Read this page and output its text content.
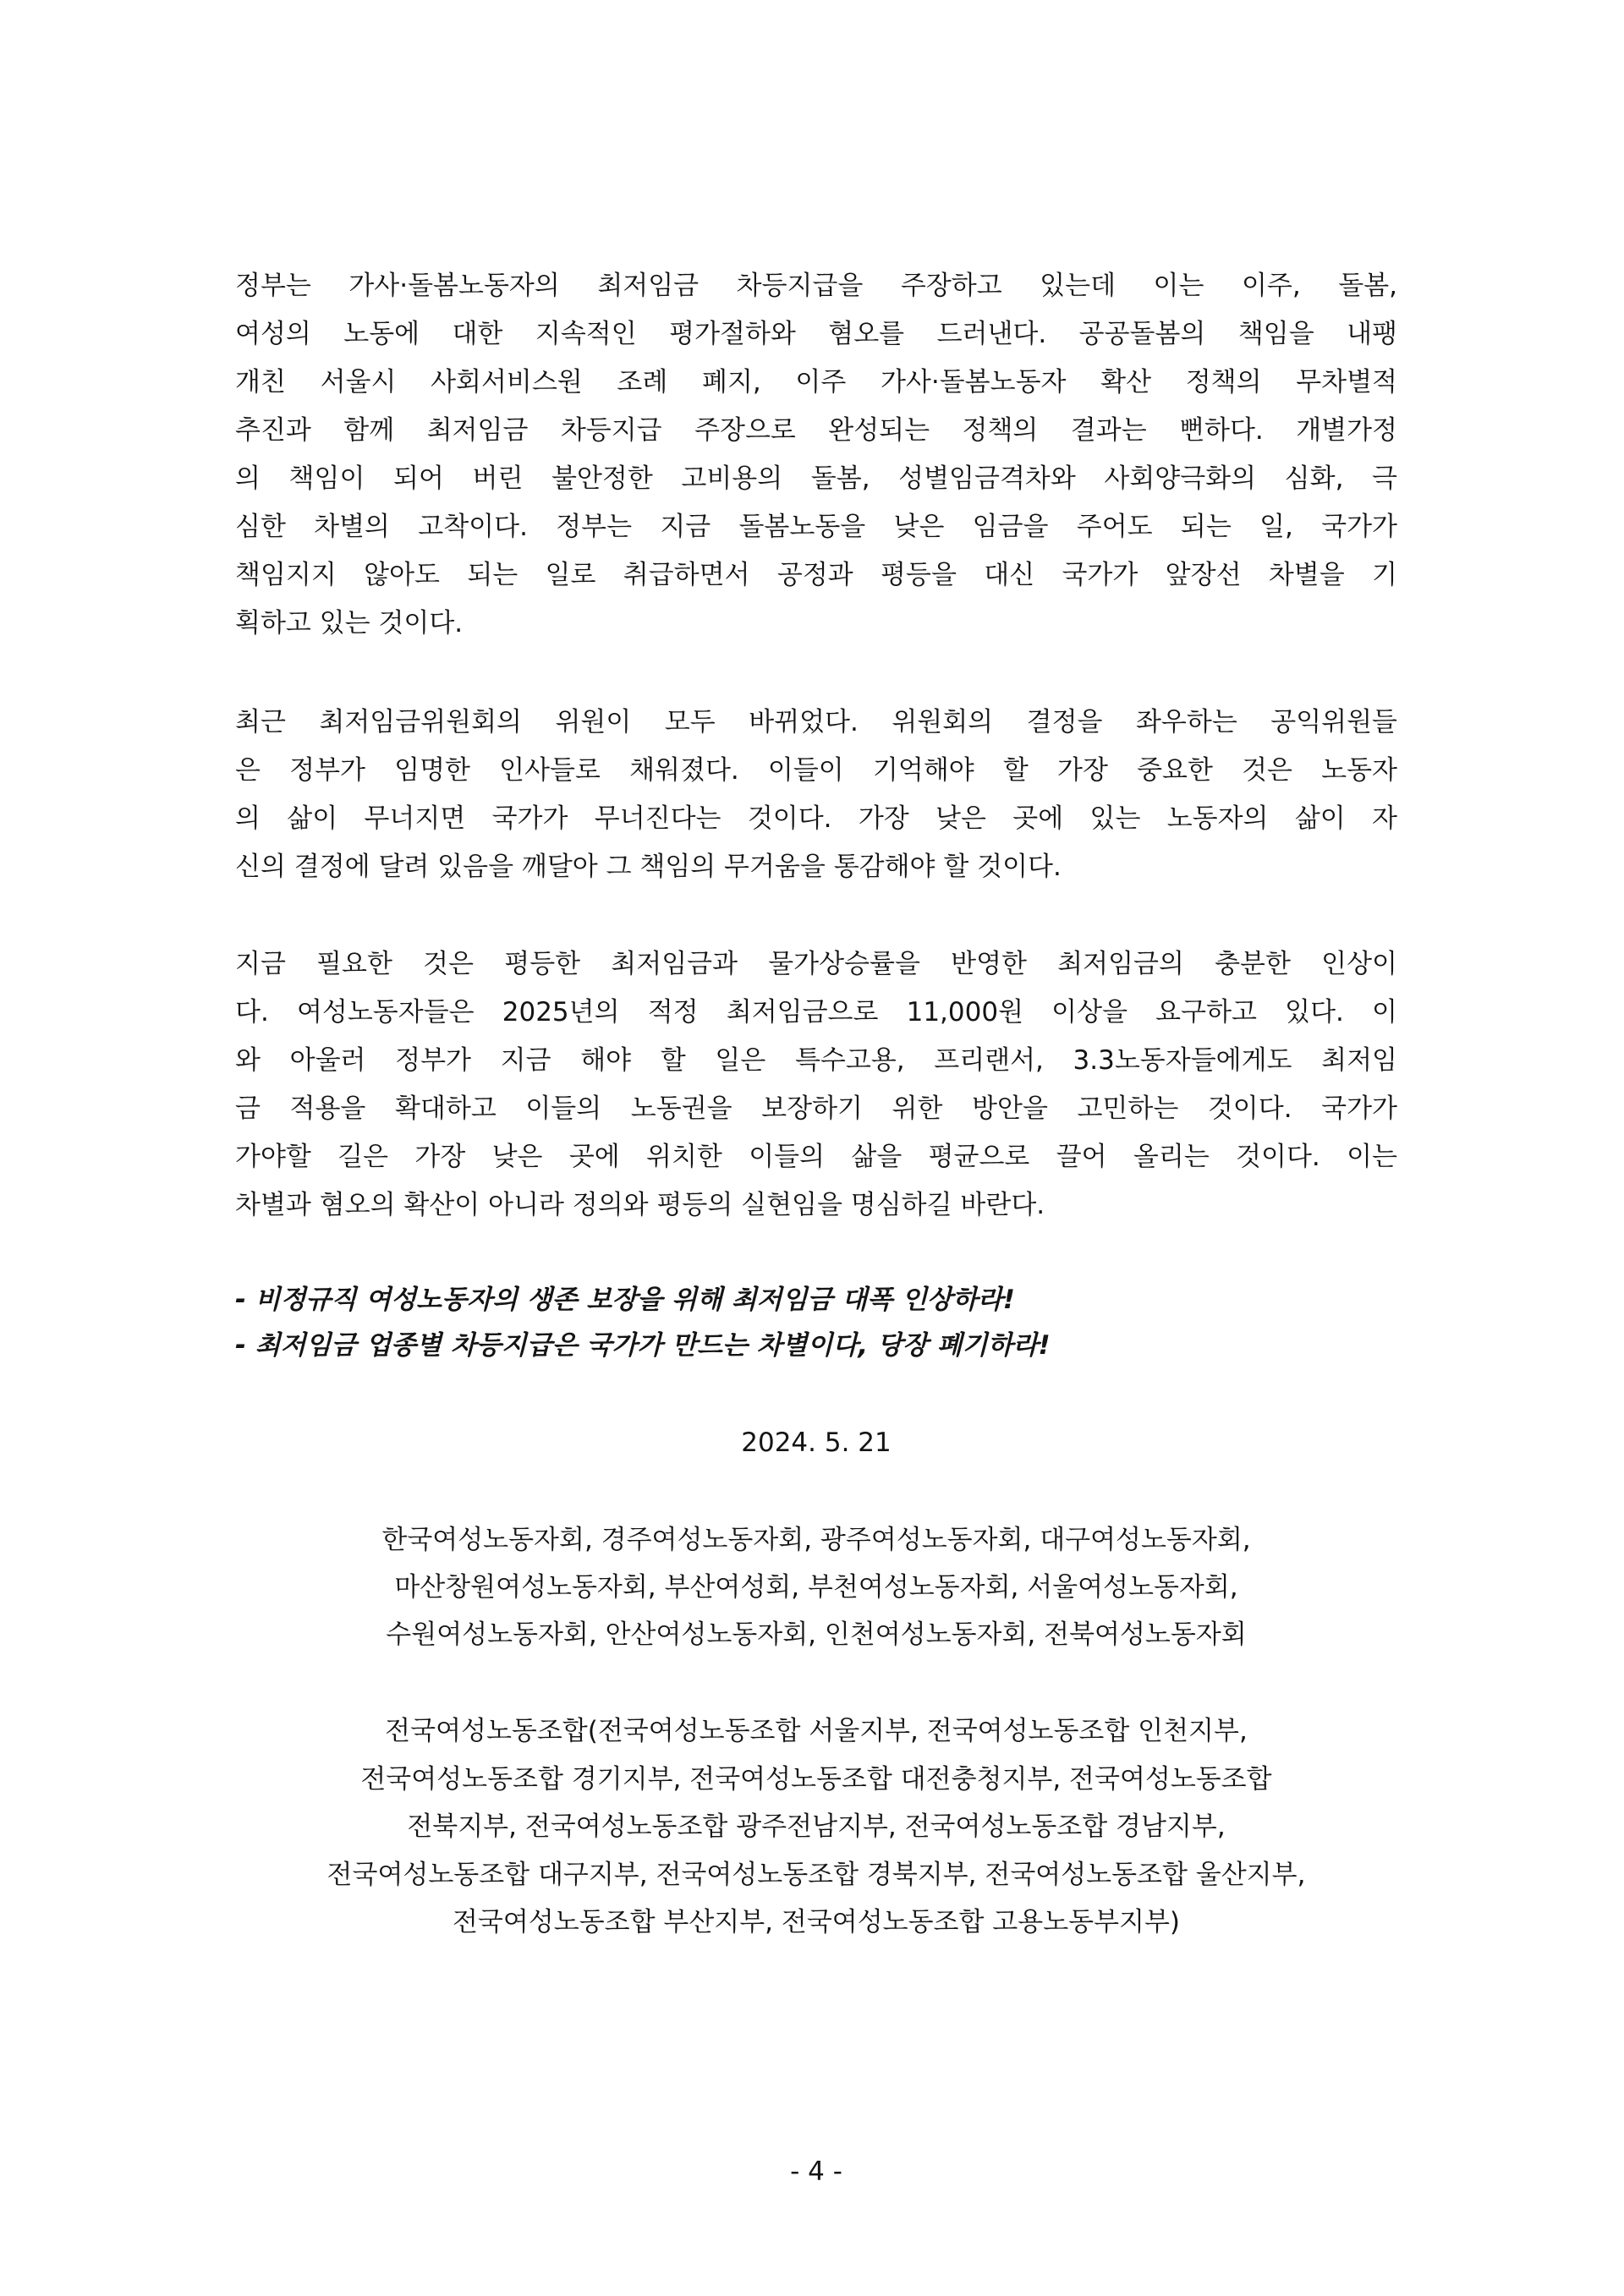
정부는 가사·돌봄노동자의 최저임금 차등지급을 주장하고 있는데 이는 이주, 돌봄,
여성의 노동에 대한 지속적인 평가절하와 혐오를 드러낸다. 공공돌봄의 책임을 내팽
개친 서울시 사회서비스원 조례 폐지, 이주 가사·돌봄노동자 확산 정책의 무차별적
추진과 함께 최저임금 차등지급 주장으로 완성되는 정책의 결과는 뻔하다. 개별가정
의 책임이 되어 버린 불안정한 고비용의 돌봄, 성별임금격차와 사회양극화의 심화, 극
심한 차별의 고착이다. 정부는 지금 돌봄노동을 낮은 임금을 주어도 되는 일, 국가가
책임지지 않아도 되는 일로 취급하면서 공정과 평등을 대신 국가가 앞장선 차별을 기
획하고 있는 것이다.
최근 최저임금위원회의 위원이 모두 바뀌었다. 위원회의 결정을 좌우하는 공익위원들
은 정부가 임명한 인사들로 채워졌다. 이들이 기억해야 할 가장 중요한 것은 노동자
의 삶이 무너지면 국가가 무너진다는 것이다. 가장 낮은 곳에 있는 노동자의 삶이 자
신의 결정에 달려 있음을 깨달아 그 책임의 무거움을 통감해야 할 것이다.
지금 필요한 것은 평등한 최저임금과 물가상승률을 반영한 최저임금의 충분한 인상이
다. 여성노동자들은 2025년의 적정 최저임금으로 11,000원 이상을 요구하고 있다. 이
와 아울러 정부가 지금 해야 할 일은 특수고용, 프리랜서, 3.3노동자들에게도 최저임
금 적용을 확대하고 이들의 노동권을 보장하기 위한 방안을 고민하는 것이다. 국가가
가야할 길은 가장 낮은 곳에 위치한 이들의 삶을 평균으로 끌어 올리는 것이다. 이는
차별과 혐오의 확산이 아니라 정의와 평등의 실현임을 명심하길 바란다.
- 비정규직 여성노동자의 생존 보장을 위해 최저임금 대폭 인상하라!
- 최저임금 업종별 차등지급은 국가가 만드는 차별이다, 당장 폐기하라!
2024. 5. 21
한국여성노동자회, 경주여성노동자회, 광주여성노동자회, 대구여성노동자회,
마산창원여성노동자회, 부산여성회, 부천여성노동자회, 서울여성노동자회,
수원여성노동자회, 안산여성노동자회, 인천여성노동자회, 전북여성노동자회
전국여성노동조합(전국여성노동조합 서울지부, 전국여성노동조합 인천지부,
전국여성노동조합 경기지부, 전국여성노동조합 대전충청지부, 전국여성노동조합
전북지부, 전국여성노동조합 광주전남지부, 전국여성노동조합 경남지부,
전국여성노동조합 대구지부, 전국여성노동조합 경북지부, 전국여성노동조합 울산지부,
전국여성노동조합 부산지부, 전국여성노동조합 고용노동부지부)
- 4 -
